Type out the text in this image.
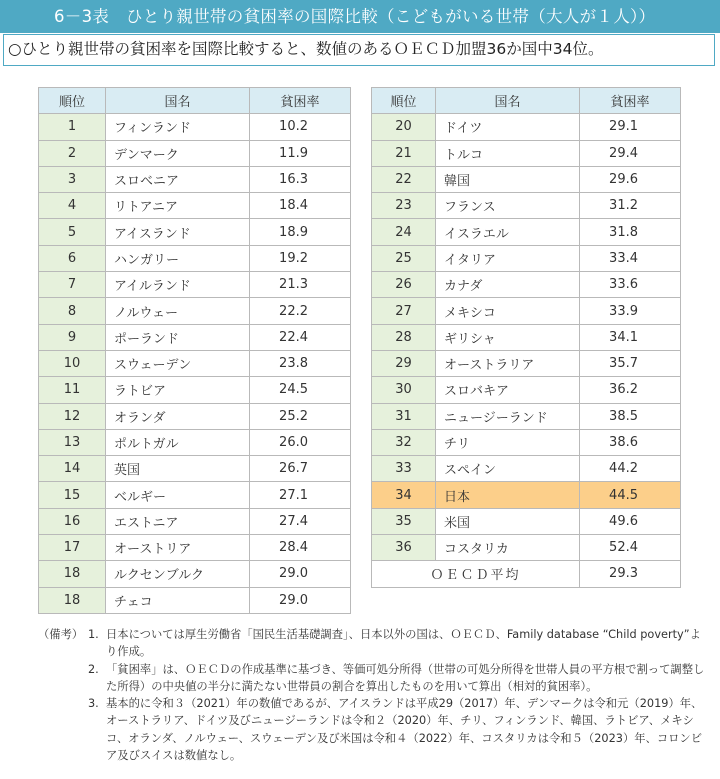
6－3表　ひとり親世帯の貧困率の国際比較（こどもがいる世帯（大人が１人））
○ひとり親世帯の貧困率を国際比較すると、数値のあるＯＥＣＤ加盟36か国中34位。
順位	国名	貧困率
1	フィンランド	10.2
2	デンマーク	11.9
3	スロベニア	16.3
4	リトアニア	18.4
5	アイスランド	18.9
6	ハンガリー	19.2
7	アイルランド	21.3
8	ノルウェー	22.2
9	ポーランド	22.4
10	スウェーデン	23.8
11	ラトビア	24.5
12	オランダ	25.2
13	ポルトガル	26.0
14	英国	26.7
15	ベルギー	27.1
16	エストニア	27.4
17	オーストリア	28.4
18	ルクセンブルク	29.0
18	チェコ	29.0
順位	国名	貧困率
20	ドイツ	29.1
21	トルコ	29.4
22	韓国	29.6
23	フランス	31.2
24	イスラエル	31.8
25	イタリア	33.4
26	カナダ	33.6
27	メキシコ	33.9
28	ギリシャ	34.1
29	オーストラリア	35.7
30	スロバキア	36.2
31	ニュージーランド	38.5
32	チリ	38.6
33	スペイン	44.2
34	日本	44.5
35	米国	49.6
36	コスタリカ	52.4
ＯＥＣＤ平均		29.3
（備考） 1. 日本については厚生労働省「国民生活基礎調査」、日本以外の国は、ＯＥＣＤ、Family database “Child poverty”より作成。
2. 「貧困率」は、ＯＥＣＤの作成基準に基づき、等価可処分所得（世帯の可処分所得を世帯人員の平方根で割って調整した所得）の中央値の半分に満たない世帯員の割合を算出したものを用いて算出（相対的貧困率）。
3. 基本的に令和３（2021）年の数値であるが、アイスランドは平成29（2017）年、デンマークは令和元（2019）年、オーストラリア、ドイツ及びニュージーランドは令和２（2020）年、チリ、フィンランド、韓国、ラトビア、メキシコ、オランダ、ノルウェー、スウェーデン及び米国は令和４（2022）年、コスタリカは令和５（2023）年、コロンビア及びスイスは数値なし。
